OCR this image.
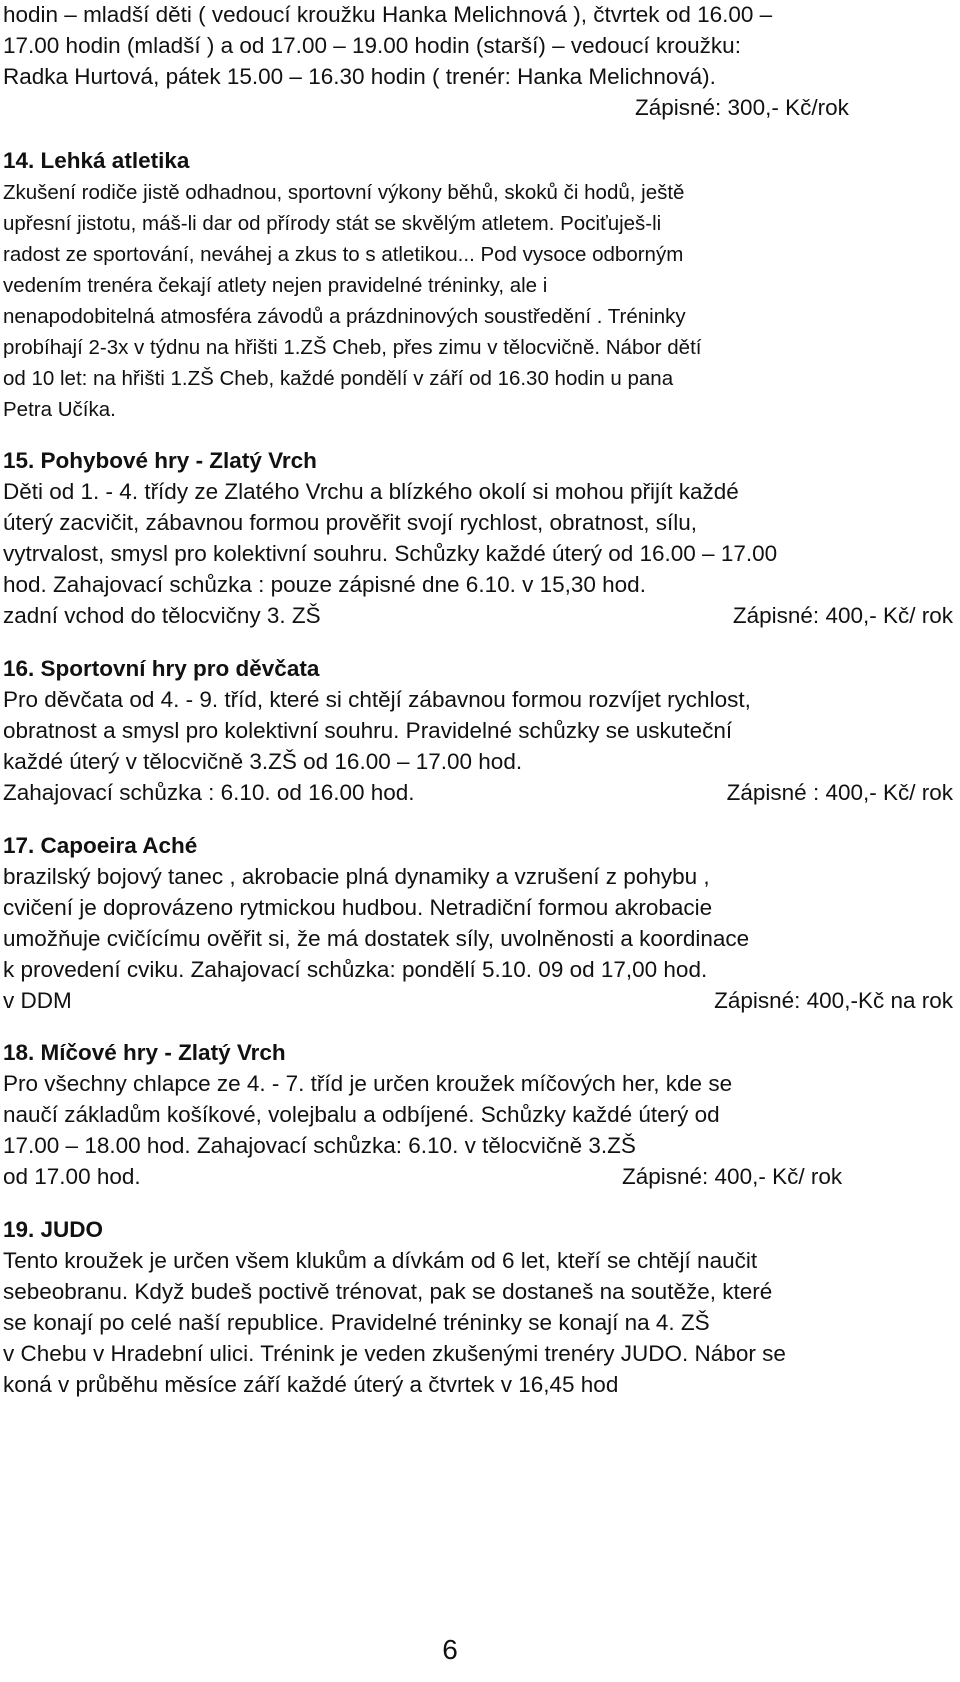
hodin – mladší děti ( vedoucí kroužku Hanka Melichnová ), čtvrtek od 16.00 –
17.00 hodin (mladší ) a od 17.00 – 19.00 hodin (starší) – vedoucí kroužku:
Radka Hurtová, pátek 15.00 – 16.30 hodin ( trenér: Hanka Melichnová).
Zápisné: 300,- Kč/rok
14. Lehká atletika
Zkušení rodiče jistě odhadnou, sportovní výkony běhů, skoků či hodů, ještě
upřesní jistotu, máš-li dar od přírody stát se skvělým atletem. Pociťuješ-li
radost ze sportování, neváhej a zkus to s atletikou... Pod vysoce odborným
vedením trenéra čekají atlety nejen pravidelné tréninky, ale i
nenapodobitelná atmosféra závodů a prázdninových soustředění . Tréninky
probíhají 2-3x v týdnu na hřišti 1.ZŠ Cheb, přes zimu v tělocvičně. Nábor dětí
od 10 let: na hřišti 1.ZŠ Cheb, každé pondělí v září od 16.30 hodin u pana
Petra Učíka.
15. Pohybové hry - Zlatý Vrch
Děti od 1. - 4. třídy ze Zlatého Vrchu a blízkého okolí si mohou přijít každé
úterý zacvičit, zábavnou formou prověřit svojí rychlost, obratnost, sílu,
vytrvalost, smysl pro kolektivní souhru. Schůzky každé úterý od 16.00 – 17.00
hod. Zahajovací schůzka : pouze zápisné dne 6.10. v 15,30 hod.
zadní vchod do tělocvičny 3. ZŠ	Zápisné: 400,- Kč/ rok
16. Sportovní hry pro děvčata
Pro děvčata od 4. - 9. tříd, které si chtějí zábavnou formou rozvíjet rychlost,
obratnost a smysl pro kolektivní souhru. Pravidelné schůzky se uskuteční
každé úterý v tělocvičně 3.ZŠ od 16.00 – 17.00 hod.
Zahajovací schůzka : 6.10. od 16.00 hod.	Zápisné : 400,- Kč/ rok
17. Capoeira Aché
brazilský bojový tanec , akrobacie plná dynamiky a vzrušení z pohybu ,
cvičení je doprovázeno rytmickou hudbou. Netradiční formou akrobacie
umožňuje cvičícímu ověřit si, že má dostatek síly, uvolněnosti a koordinace
k provedení cviku. Zahajovací schůzka: pondělí 5.10. 09 od 17,00 hod.
v DDM	Zápisné: 400,-Kč na rok
18. Míčové hry - Zlatý Vrch
Pro všechny chlapce ze 4. - 7. tříd je určen kroužek míčových her, kde se
naučí základům košíkové, volejbalu a odbíjené. Schůzky každé úterý od
17.00 – 18.00 hod. Zahajovací schůzka: 6.10. v tělocvičně 3.ZŠ
od 17.00 hod.	Zápisné: 400,- Kč/ rok
19. JUDO
Tento kroužek je určen všem klukům a dívkám od 6 let, kteří se chtějí naučit
sebeobranu. Když budeš poctivě trénovat, pak se dostaneš na soutěže, které
se konají po celé naší republice. Pravidelné tréninky se konají na 4. ZŠ
v Chebu v Hradební ulici. Trénink je veden zkušenými trenéry JUDO. Nábor se
koná v průběhu měsíce září každé úterý a čtvrtek v 16,45 hod
6
